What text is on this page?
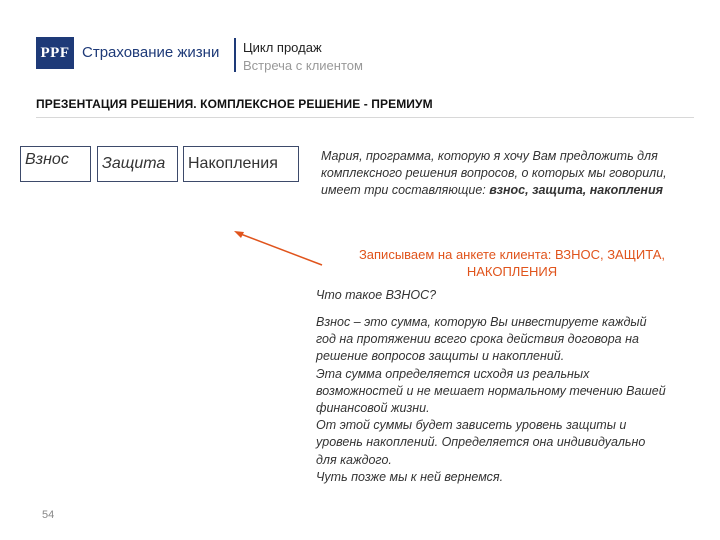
PPF Страхование жизни Цикл продаж
Встреча с клиентом
ПРЕЗЕНТАЦИЯ РЕШЕНИЯ. КОМПЛЕКСНОЕ РЕШЕНИЕ - ПРЕМИУМ
Взнос	Защита	Накопления	Мария, программа, которую я хочу Вам предложить для комплексного решения вопросов, о которых мы говорили, имеет три составляющие: взнос, защита, накопления
Записываем на анкете клиента: ВЗНОС, ЗАЩИТА,
НАКОПЛЕНИЯ
Что такое ВЗНОС?
Взнос – это сумма, которую Вы инвестируете каждый
год на протяжении всего срока действия договора на
решение вопросов защиты и накоплений.
Эта сумма определяется исходя из реальных
возможностей и не мешает нормальному течению Вашей
финансовой жизни.
От этой суммы будет зависеть уровень защиты и
уровень накоплений. Определяется она индивидуально
для каждого.
Чуть позже мы к ней вернемся.
54
